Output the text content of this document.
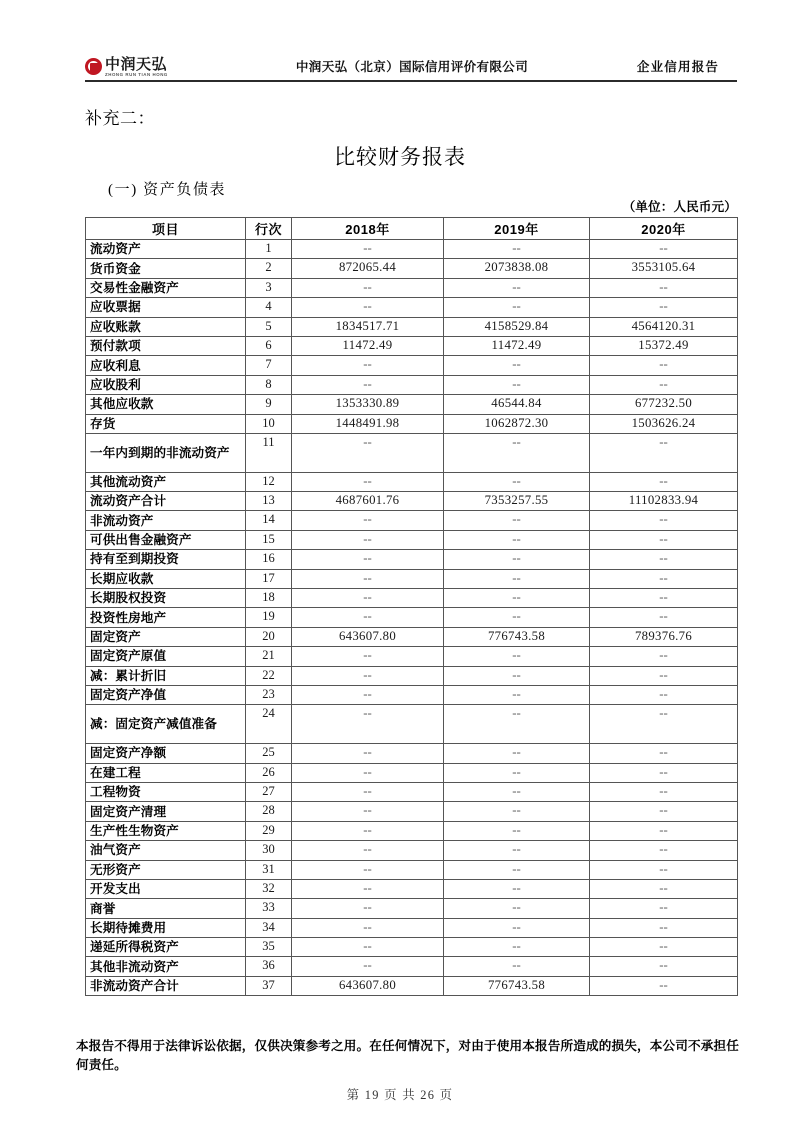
中润天弘
ZHONG RUN TIAN HONG
中润天弘（北京）国际信用评价有限公司	企业信用报告
补充二：
比较财务报表
(一) 资产负债表
（单位：人民币元）
项目	行次	2018年	2019年	2020年
流动资产	1	--	--	--
货币资金	2	872065.44	2073838.08	3553105.64
交易性金融资产	3	--	--	--
应收票据	4	--	--	--
应收账款	5	1834517.71	4158529.84	4564120.31
预付款项	6	11472.49	11472.49	15372.49
应收利息	7	--	--	--
应收股利	8	--	--	--
其他应收款	9	1353330.89	46544.84	677232.50
存货	10	1448491.98	1062872.30	1503626.24
一年内到期的非流动资产	11	--	--	--
其他流动资产	12	--	--	--
流动资产合计	13	4687601.76	7353257.55	11102833.94
非流动资产	14	--	--	--
可供出售金融资产	15	--	--	--
持有至到期投资	16	--	--	--
长期应收款	17	--	--	--
长期股权投资	18	--	--	--
投资性房地产	19	--	--	--
固定资产	20	643607.80	776743.58	789376.76
固定资产原值	21	--	--	--
减：累计折旧	22	--	--	--
固定资产净值	23	--	--	--
减：固定资产减值准备	24	--	--	--
固定资产净额	25	--	--	--
在建工程	26	--	--	--
工程物资	27	--	--	--
固定资产清理	28	--	--	--
生产性生物资产	29	--	--	--
油气资产	30	--	--	--
无形资产	31	--	--	--
开发支出	32	--	--	--
商誉	33	--	--	--
长期待摊费用	34	--	--	--
递延所得税资产	35	--	--	--
其他非流动资产	36	--	--	--
非流动资产合计	37	643607.80	776743.58	--
本报告不得用于法律诉讼依据，仅供决策参考之用。在任何情况下，对由于使用本报告所造成的损失，本公司不承担任何责任。
第 19 页 共 26 页
